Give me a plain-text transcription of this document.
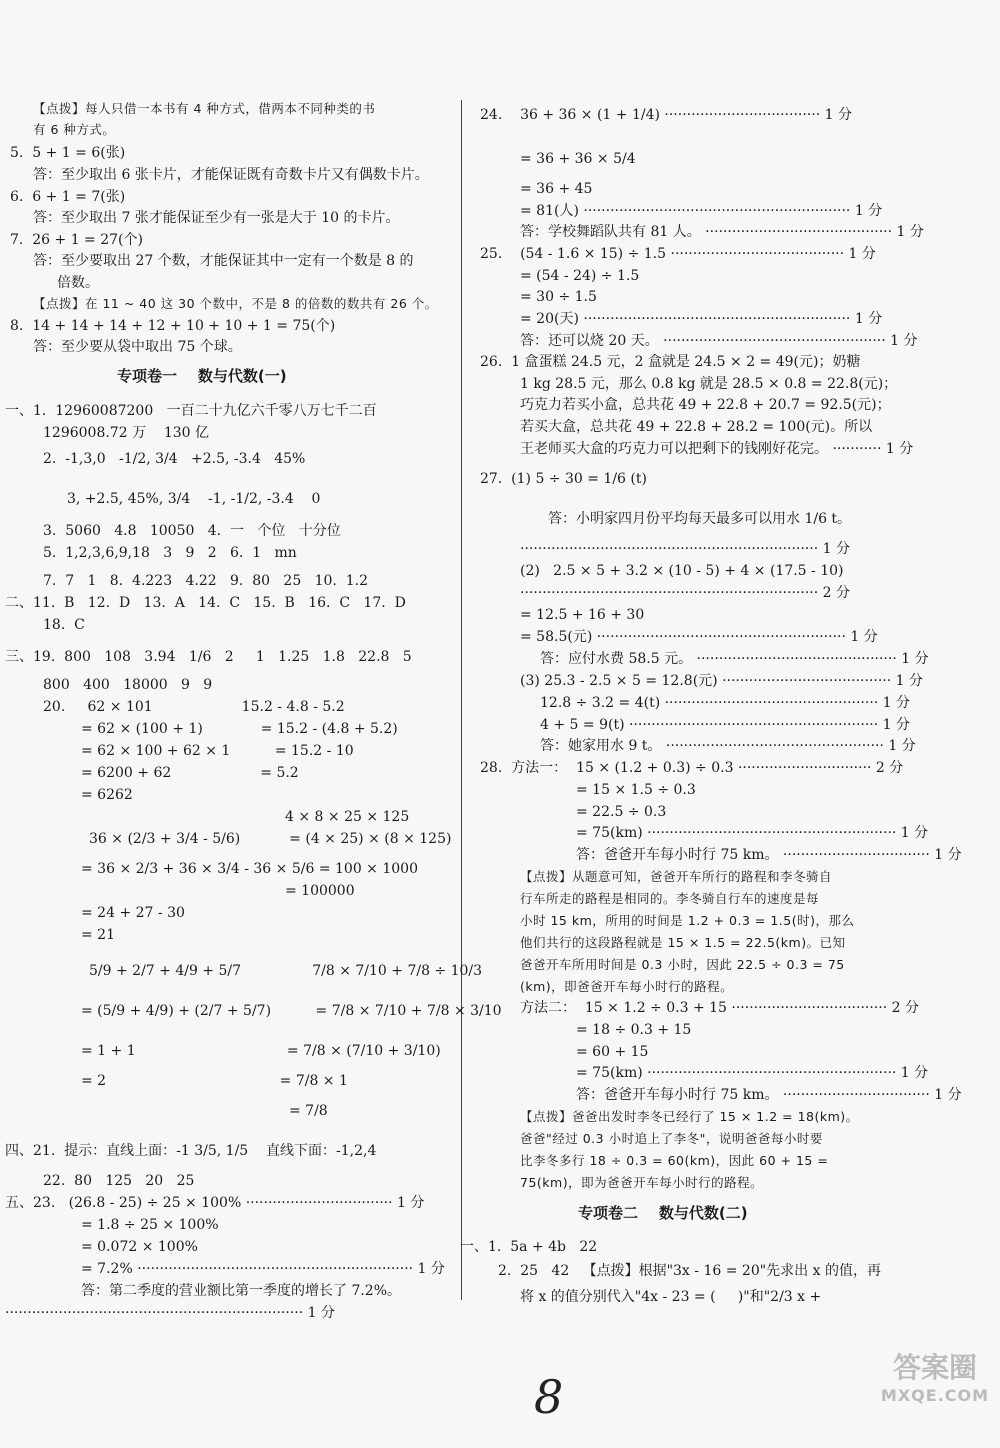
【点拨】每人只借一本书有 4 种方式，借两本不同种类的书
有 6 种方式。
5.  5 + 1 = 6(张)
答：至少取出 6 张卡片，才能保证既有奇数卡片又有偶数卡片。
6.  6 + 1 = 7(张)
答：至少取出 7 张才能保证至少有一张是大于 10 的卡片。
7.  26 + 1 = 27(个)
答：至少要取出 27 个数，才能保证其中一定有一个数是 8 的
倍数。
【点拨】在 11 ~ 40 这 30 个数中，不是 8 的倍数的数共有 26 个。
8.  14 + 14 + 14 + 12 + 10 + 10 + 1 = 75(个)
答：至少要从袋中取出 75 个球。
专项卷一    数与代数(一)
一、1.  12960087200   一百二十九亿六千零八万七千二百
1296008.72 万    130 亿
2.  -1,3,0   -1/2, 3/4   +2.5, -3.4   45%
3, +2.5, 45%, 3/4    -1, -1/2, -3.4    0
3.  5060   4.8   10050   4.  一   个位   十分位
5.  1,2,3,6,9,18   3   9   2   6.  1   mn
7.  7   1   8.  4.223   4.22   9.  80   25   10.  1.2
二、11.  B   12.  D   13.  A   14.  C   15.  B   16.  C   17.  D
18.  C
三、19.  800   108   3.94   1/6   2     1   1.25   1.8   22.8   5
800   400   18000   9   9
20.     62 × 101                    15.2 - 4.8 - 5.2
= 62 × (100 + 1)             = 15.2 - (4.8 + 5.2)
= 62 × 100 + 62 × 1          = 15.2 - 10
= 6200 + 62                    = 5.2
= 6262
4 × 8 × 25 × 125
36 × (2/3 + 3/4 - 5/6)           = (4 × 25) × (8 × 125)
= 36 × 2/3 + 36 × 3/4 - 36 × 5/6 = 100 × 1000
= 100000
= 24 + 27 - 30
= 21
5/9 + 2/7 + 4/9 + 5/7                7/8 × 7/10 + 7/8 ÷ 10/3
= (5/9 + 4/9) + (2/7 + 5/7)          = 7/8 × 7/10 + 7/8 × 3/10
= 1 + 1                                  = 7/8 × (7/10 + 3/10)
= 2                                       = 7/8 × 1
= 7/8
四、21.  提示：直线上面：-1 3/5, 1/5    直线下面：-1,2,4
22.  80   125   20   25
五、23.   (26.8 - 25) ÷ 25 × 100% ································· 1 分
= 1.8 ÷ 25 × 100%
= 0.072 × 100%
= 7.2% ······························································ 1 分
答：第二季度的营业额比第一季度的增长了 7.2%。
··································································· 1 分
24.    36 + 36 × (1 + 1/4) ··································· 1 分
= 36 + 36 × 5/4
= 36 + 45
= 81(人) ···························································· 1 分
答：学校舞蹈队共有 81 人。 ·········································· 1 分
25.    (54 - 1.6 × 15) ÷ 1.5 ······································· 1 分
= (54 - 24) ÷ 1.5
= 30 ÷ 1.5
= 20(天) ···························································· 1 分
答：还可以烧 20 天。 ·················································· 1 分
26.  1 盒蛋糕 24.5 元，2 盒就是 24.5 × 2 = 49(元)；奶糖
1 kg 28.5 元，那么 0.8 kg 就是 28.5 × 0.8 = 22.8(元)；
巧克力若买小盒，总共花 49 + 22.8 + 20.7 = 92.5(元)；
若买大盒，总共花 49 + 22.8 + 28.2 = 100(元)。所以
王老师买大盒的巧克力可以把剩下的钱刚好花完。 ··········· 1 分
27.  (1) 5 ÷ 30 = 1/6 (t)
答：小明家四月份平均每天最多可以用水 1/6 t。
··································································· 1 分
(2)   2.5 × 5 + 3.2 × (10 - 5) + 4 × (17.5 - 10)
··································································· 2 分
= 12.5 + 16 + 30
= 58.5(元) ························································ 1 分
答：应付水费 58.5 元。 ············································· 1 分
(3) 25.3 - 2.5 × 5 = 12.8(元) ······································ 1 分
12.8 ÷ 3.2 = 4(t) ················································ 1 分
4 + 5 = 9(t) ························································ 1 分
答：她家用水 9 t。 ················································· 1 分
28.  方法一：  15 × (1.2 + 0.3) ÷ 0.3 ······························ 2 分
= 15 × 1.5 ÷ 0.3
= 22.5 ÷ 0.3
= 75(km) ························································ 1 分
答：爸爸开车每小时行 75 km。 ································· 1 分
【点拨】从题意可知，爸爸开车所行的路程和李冬骑自
行车所走的路程是相同的。李冬骑自行车的速度是每
小时 15 km，所用的时间是 1.2 + 0.3 = 1.5(时)，那么
他们共行的这段路程就是 15 × 1.5 = 22.5(km)。已知
爸爸开车所用时间是 0.3 小时，因此 22.5 ÷ 0.3 = 75
(km)，即爸爸开车每小时行的路程。
方法二：  15 × 1.2 ÷ 0.3 + 15 ··································· 2 分
= 18 ÷ 0.3 + 15
= 60 + 15
= 75(km) ························································ 1 分
答：爸爸开车每小时行 75 km。 ································· 1 分
【点拨】爸爸出发时李冬已经行了 15 × 1.2 = 18(km)。
爸爸"经过 0.3 小时追上了李冬"，说明爸爸每小时要
比李冬多行 18 ÷ 0.3 = 60(km)，因此 60 + 15 =
75(km)，即为爸爸开车每小时行的路程。
专项卷二    数与代数(二)
一、1.  5a + 4b   22
2.  25   42   【点拨】根据"3x - 16 = 20"先求出 x 的值，再
将 x 的值分别代入"4x - 23 = (     )"和"2/3 x +
8
答案圈
MXQE.COM
